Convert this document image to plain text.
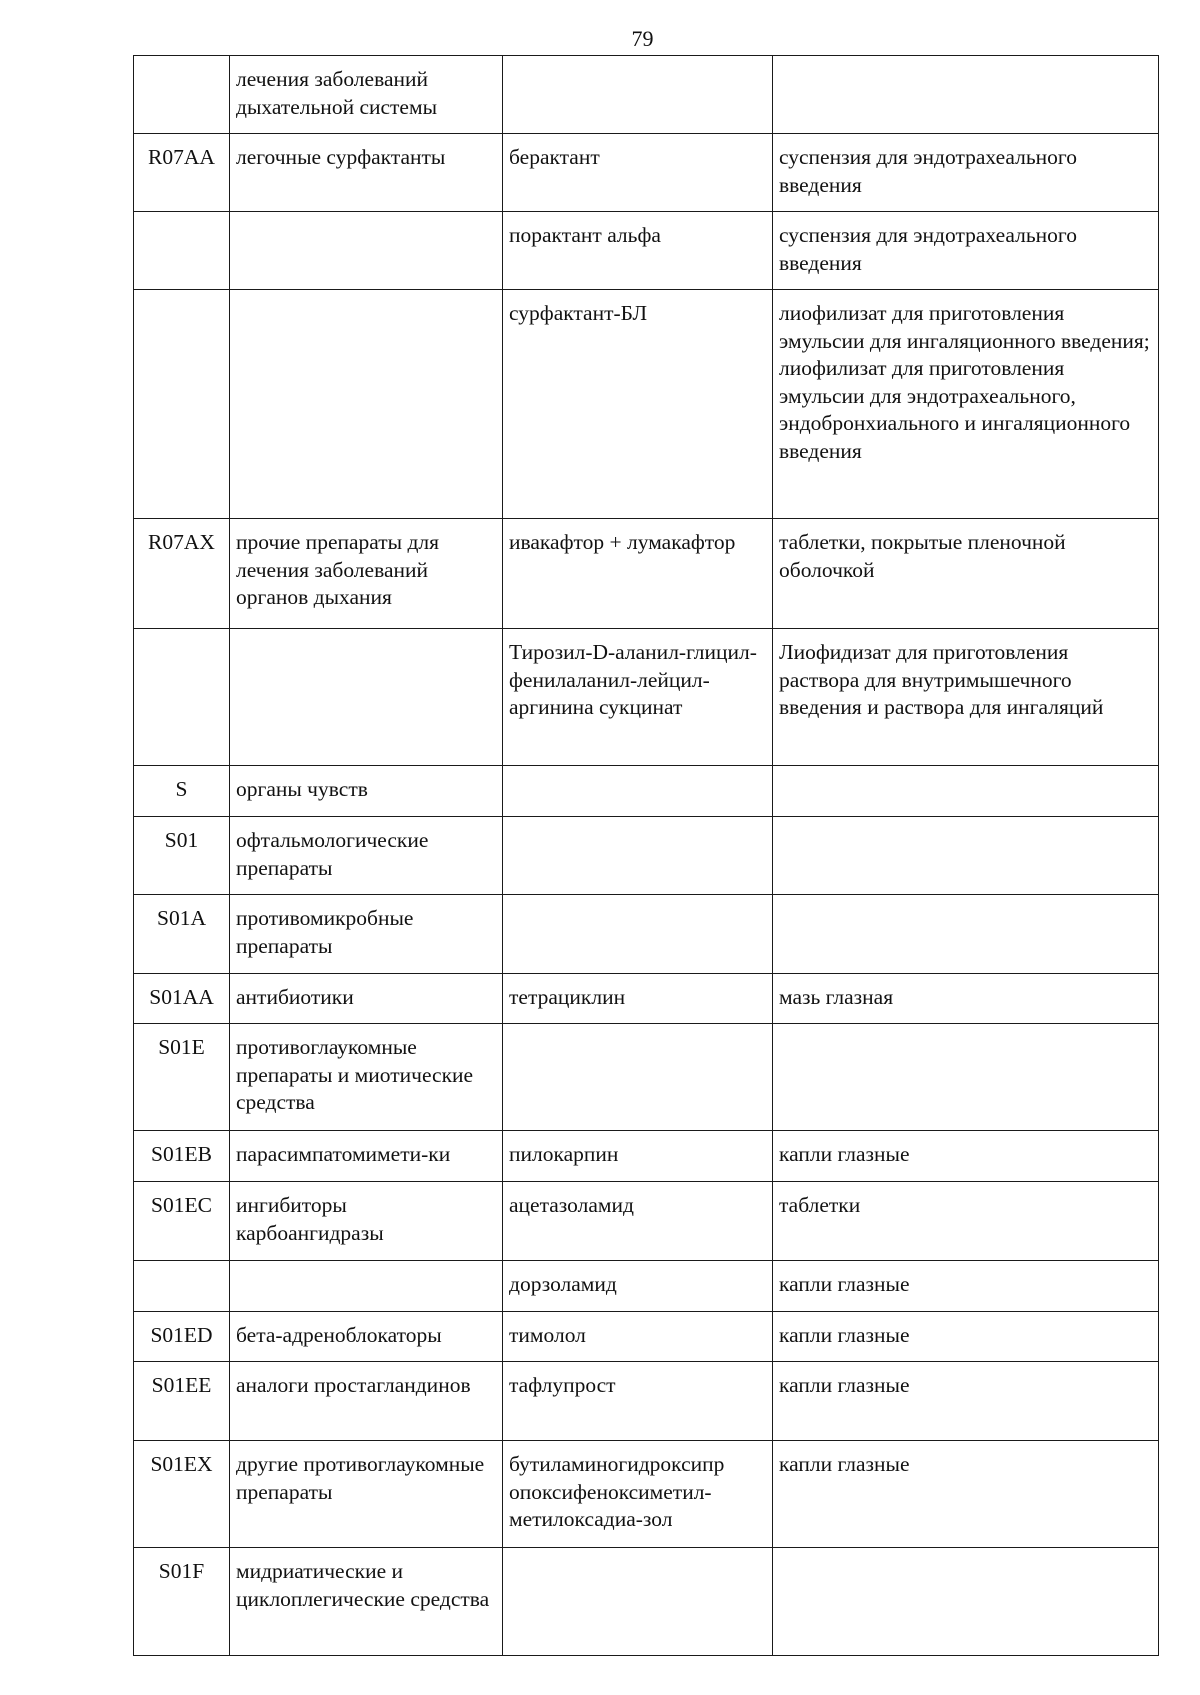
79
	лечения заболеваний дыхательной системы		
R07AA	легочные сурфактанты	берактант	суспензия для эндотрахеального введения
		порактант альфа	суспензия для эндотрахеального введения
		сурфактант-БЛ	лиофилизат для приготовления эмульсии для ингаляционного введения;
лиофилизат для приготовления эмульсии для эндотрахеального, эндобронхиального и ингаляционного введения

R07AX	прочие препараты для лечения заболеваний органов дыхания	ивакафтор + лумакафтор	таблетки, покрытые пленочной оболочкой
		Тирозил-D-аланил-глицил-фенилаланил-лейцил-аргинина сукцинат	Лиофидизат для приготовления раствора для внутримышечного введения и раствора для ингаляций
S	органы чувств		
S01	офтальмологические препараты		
S01A	противомикробные препараты		
S01AA	антибиотики	тетрациклин	мазь глазная
S01E	противоглаукомные препараты и миотические средства		
S01EB	парасимпатомимети-ки	пилокарпин	капли глазные
S01EC	ингибиторы карбоангидразы	ацетазоламид	таблетки
		дорзоламид	капли глазные
S01ED	бета-адреноблокаторы	тимолол	капли глазные
S01EE	аналоги простагландинов	тафлупрост	капли глазные
S01EX	другие противоглаукомные препараты	бутиламиногидроксипр опоксифеноксиметил-метилоксадиа-зол	капли глазные
S01F	мидриатические и циклоплегические средства		
